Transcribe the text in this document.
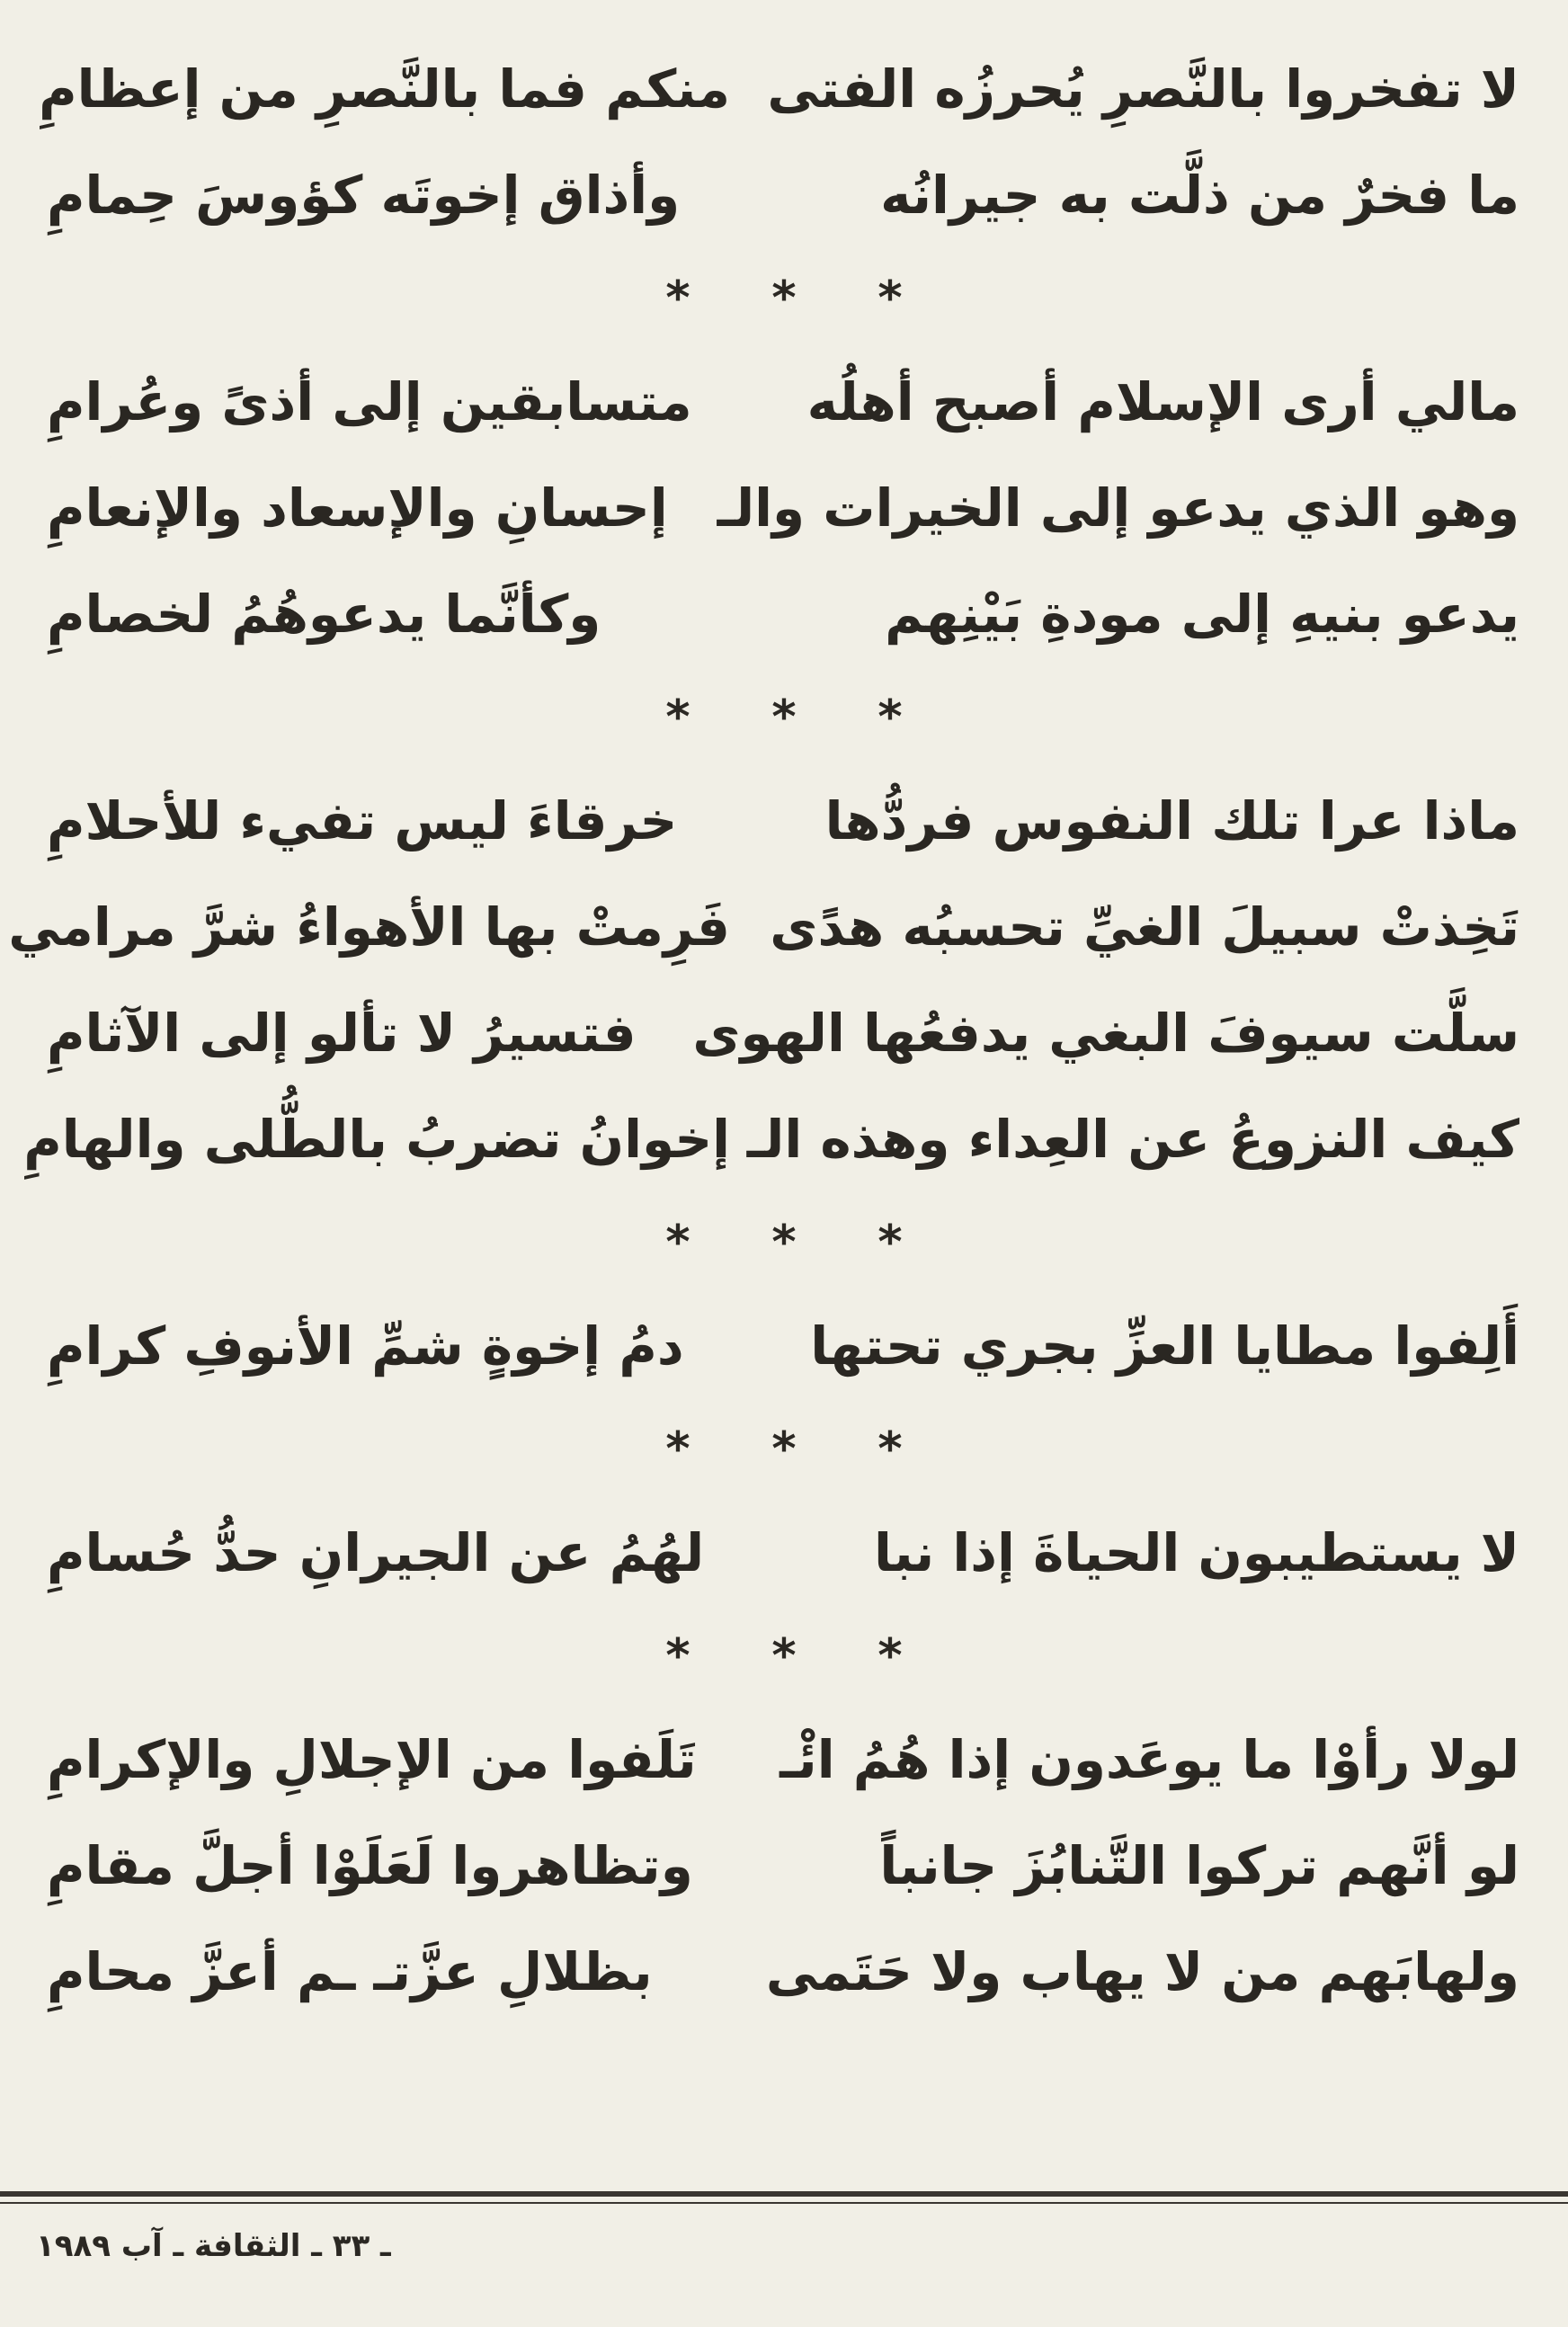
لا تفخروا بالنَّصرِ يُحرزُه الفتى
منكم فما بالنَّصرِ من إعظامِ
ما فخرٌ من ذلَّت به جيرانُه
وأذاق إخوتَه كؤوسَ حِمامِ
* * *
مالي أرى الإسلام أصبح أهلُه
متسابقين إلى أذىً وعُرامِ
وهو الذي يدعو إلى الخيرات والـ
إحسانِ والإسعاد والإنعامِ
يدعو بنيهِ إلى مودةِ بَيْنِهم
وكأنَّما يدعوهُمُ لخصامِ
* * *
ماذا عرا تلك النفوس فردُّها
خرقاءَ ليس تفيء للأحلامِ
تَخِذتْ سبيلَ الغيِّ تحسبُه هدًى
فَرِمتْ بها الأهواءُ شرَّ مرامي
سلَّت سيوفَ البغي يدفعُها الهوى
فتسيرُ لا تألو إلى الآثامِ
كيف النزوعُ عن العِداء وهذه الـ
إخوانُ تضربُ بالطُّلى والهامِ
* * *
أَلِفوا مطايا العزِّ بجري تحتها
دمُ إخوةٍ شمِّ الأنوفِ كرامِ
* * *
لا يستطيبون الحياةَ إذا نبا
لهُمُ عن الجيرانِ حدُّ حُسامِ
* * *
لولا رأوْا ما يوعَدون إذا هُمُ ائْـ
تَلَفوا من الإجلالِ والإكرامِ
لو أنَّهم تركوا التَّنابُزَ جانباً
وتظاهروا لَعَلَوْا أجلَّ مقامِ
ولهابَهم من لا يهاب ولا حَتَمى
بظلالِ عزَّتـ ـم أعزَّ محامِ
ـ ٣٣ ـ الثقافة ـ آب ١٩٨٩
